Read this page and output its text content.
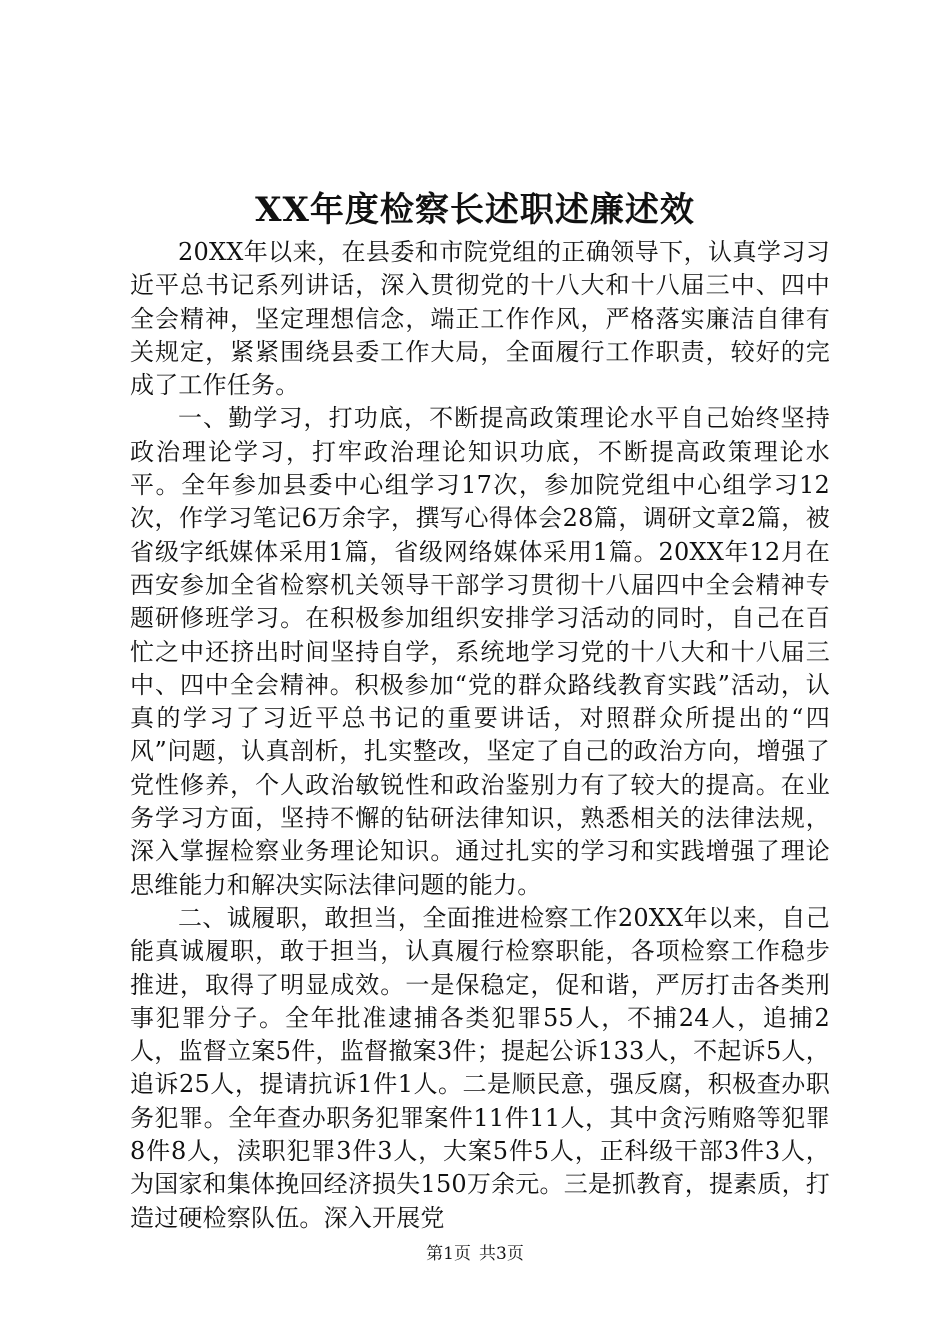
XX年度检察长述职述廉述效

20XX年以来，在县委和市院党组的正确领导下，认真学习习近平总书记系列讲话，深入贯彻党的十八大和十八届三中、四中全会精神，坚定理想信念，端正工作作风，严格落实廉洁自律有关规定，紧紧围绕县委工作大局，全面履行工作职责，较好的完成了工作任务。

一、勤学习，打功底，不断提高政策理论水平自己始终坚持政治理论学习，打牢政治理论知识功底，不断提高政策理论水平。全年参加县委中心组学习17次，参加院党组中心组学习12次，作学习笔记6万余字，撰写心得体会28篇，调研文章2篇，被省级字纸媒体采用1篇，省级网络媒体采用1篇。20XX年12月在西安参加全省检察机关领导干部学习贯彻十八届四中全会精神专题研修班学习。在积极参加组织安排学习活动的同时，自己在百忙之中还挤出时间坚持自学，系统地学习党的十八大和十八届三中、四中全会精神。积极参加“党的群众路线教育实践”活动，认真的学习了习近平总书记的重要讲话，对照群众所提出的“四风”问题，认真剖析，扎实整改，坚定了自己的政治方向，增强了党性修养，个人政治敏锐性和政治鉴别力有了较大的提高。在业务学习方面，坚持不懈的钻研法律知识，熟悉相关的法律法规，深入掌握检察业务理论知识。通过扎实的学习和实践增强了理论思维能力和解决实际法律问题的能力。

二、诚履职，敢担当，全面推进检察工作20XX年以来，自己能真诚履职，敢于担当，认真履行检察职能，各项检察工作稳步推进，取得了明显成效。一是保稳定，促和谐，严厉打击各类刑事犯罪分子。全年批准逮捕各类犯罪55人，不捕24人，追捕2人，监督立案5件，监督撤案3件；提起公诉133人，不起诉5人，追诉25人，提请抗诉1件1人。二是顺民意，强反腐，积极查办职务犯罪。全年查办职务犯罪案件11件11人，其中贪污贿赂等犯罪8件8人，渎职犯罪3件3人，大案5件5人，正科级干部3件3人，为国家和集体挽回经济损失150万余元。三是抓教育，提素质，打造过硬检察队伍。深入开展党

第1页 共3页
